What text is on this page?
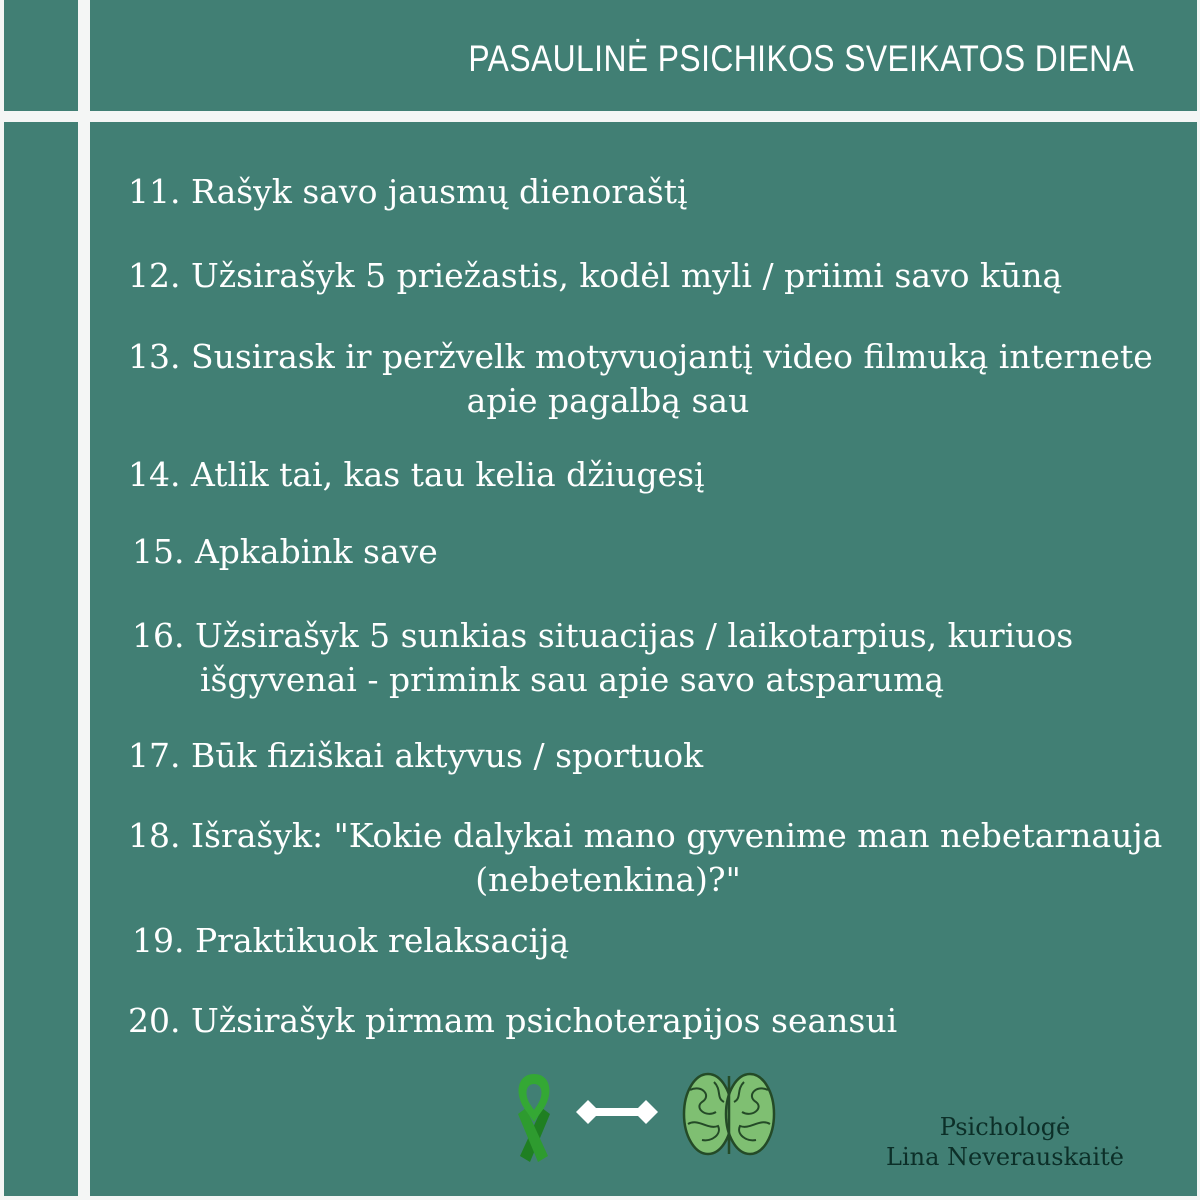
PASAULINĖ PSICHIKOS SVEIKATOS DIENA
11. Rašyk savo jausmų dienoraštį
12. Užsirašyk 5 priežastis, kodėl myli / priimi savo kūną
13. Susirask ir peržvelk motyvuojantį video filmuką internete
apie pagalbą sau
14. Atlik tai, kas tau kelia džiugesį
15. Apkabink save
16. Užsirašyk 5 sunkias situacijas / laikotarpius, kuriuos
išgyvenai - primink sau apie savo atsparumą
17. Būk fiziškai aktyvus / sportuok
18. Išrašyk: "Kokie dalykai mano gyvenime man nebetarnauja
(nebetenkina)?"
19. Praktikuok relaksaciją
20. Užsirašyk pirmam psichoterapijos seansui
Psichologė
Lina Neverauskaitė
